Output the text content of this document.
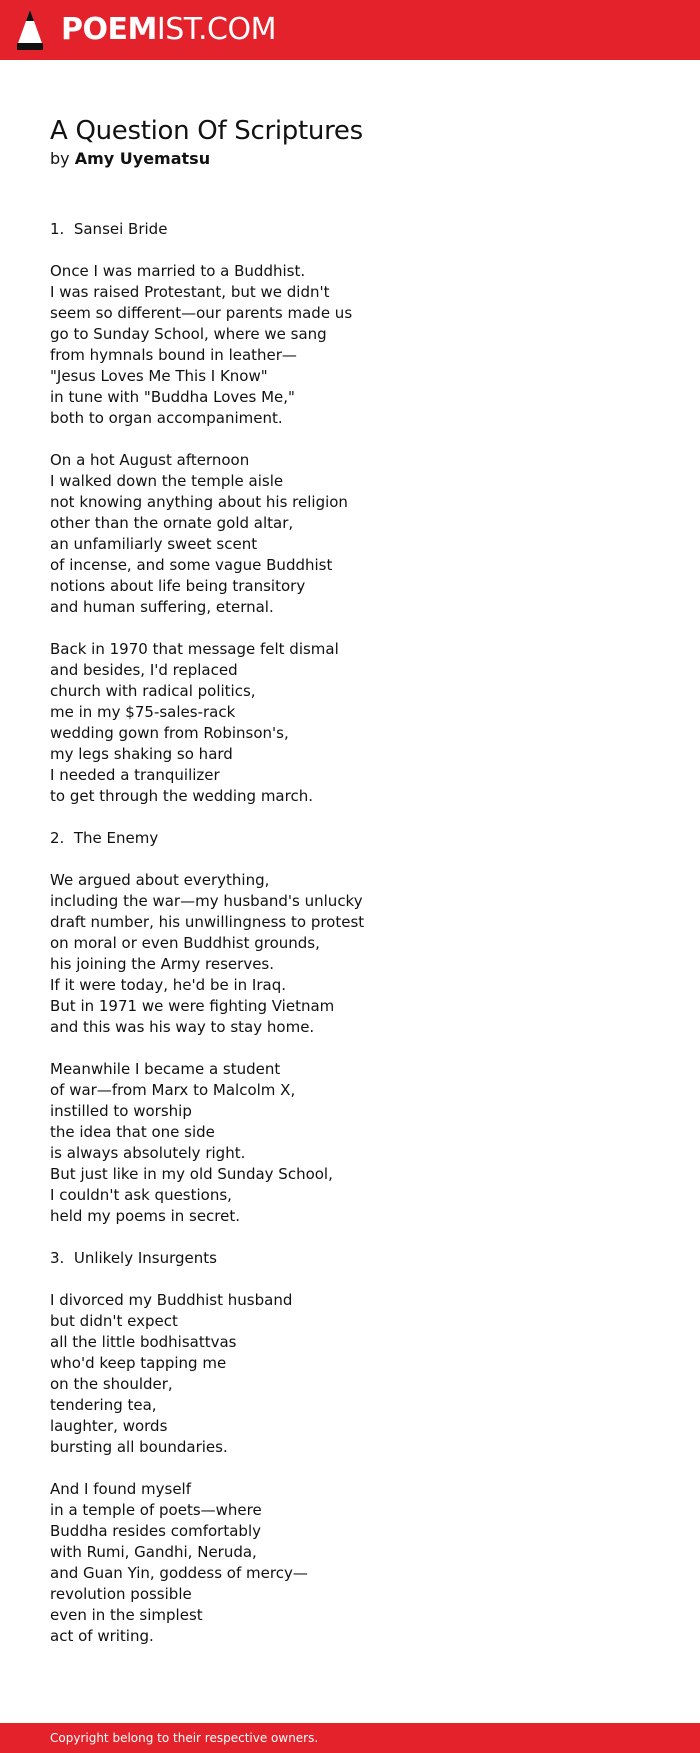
POEMIST.COM
A Question Of Scriptures
by Amy Uyematsu
1.  Sansei Bride
Once I was married to a Buddhist.
I was raised Protestant, but we didn't
seem so different—our parents made us
go to Sunday School, where we sang
from hymnals bound in leather—
"Jesus Loves Me This I Know"
in tune with "Buddha Loves Me,"
both to organ accompaniment.
On a hot August afternoon
I walked down the temple aisle
not knowing anything about his religion
other than the ornate gold altar,
an unfamiliarly sweet scent
of incense, and some vague Buddhist
notions about life being transitory
and human suffering, eternal.
Back in 1970 that message felt dismal
and besides, I'd replaced
church with radical politics,
me in my $75-sales-rack
wedding gown from Robinson's,
my legs shaking so hard
I needed a tranquilizer
to get through the wedding march.
2.  The Enemy
We argued about everything,
including the war—my husband's unlucky
draft number, his unwillingness to protest
on moral or even Buddhist grounds,
his joining the Army reserves.
If it were today, he'd be in Iraq.
But in 1971 we were fighting Vietnam
and this was his way to stay home.
Meanwhile I became a student
of war—from Marx to Malcolm X,
instilled to worship
the idea that one side
is always absolutely right.
But just like in my old Sunday School,
I couldn't ask questions,
held my poems in secret.
3.  Unlikely Insurgents
I divorced my Buddhist husband
but didn't expect
all the little bodhisattvas
who'd keep tapping me
on the shoulder,
tendering tea,
laughter, words
bursting all boundaries.
And I found myself
in a temple of poets—where
Buddha resides comfortably
with Rumi, Gandhi, Neruda,
and Guan Yin, goddess of mercy—
revolution possible
even in the simplest
act of writing.
Copyright belong to their respective owners.
